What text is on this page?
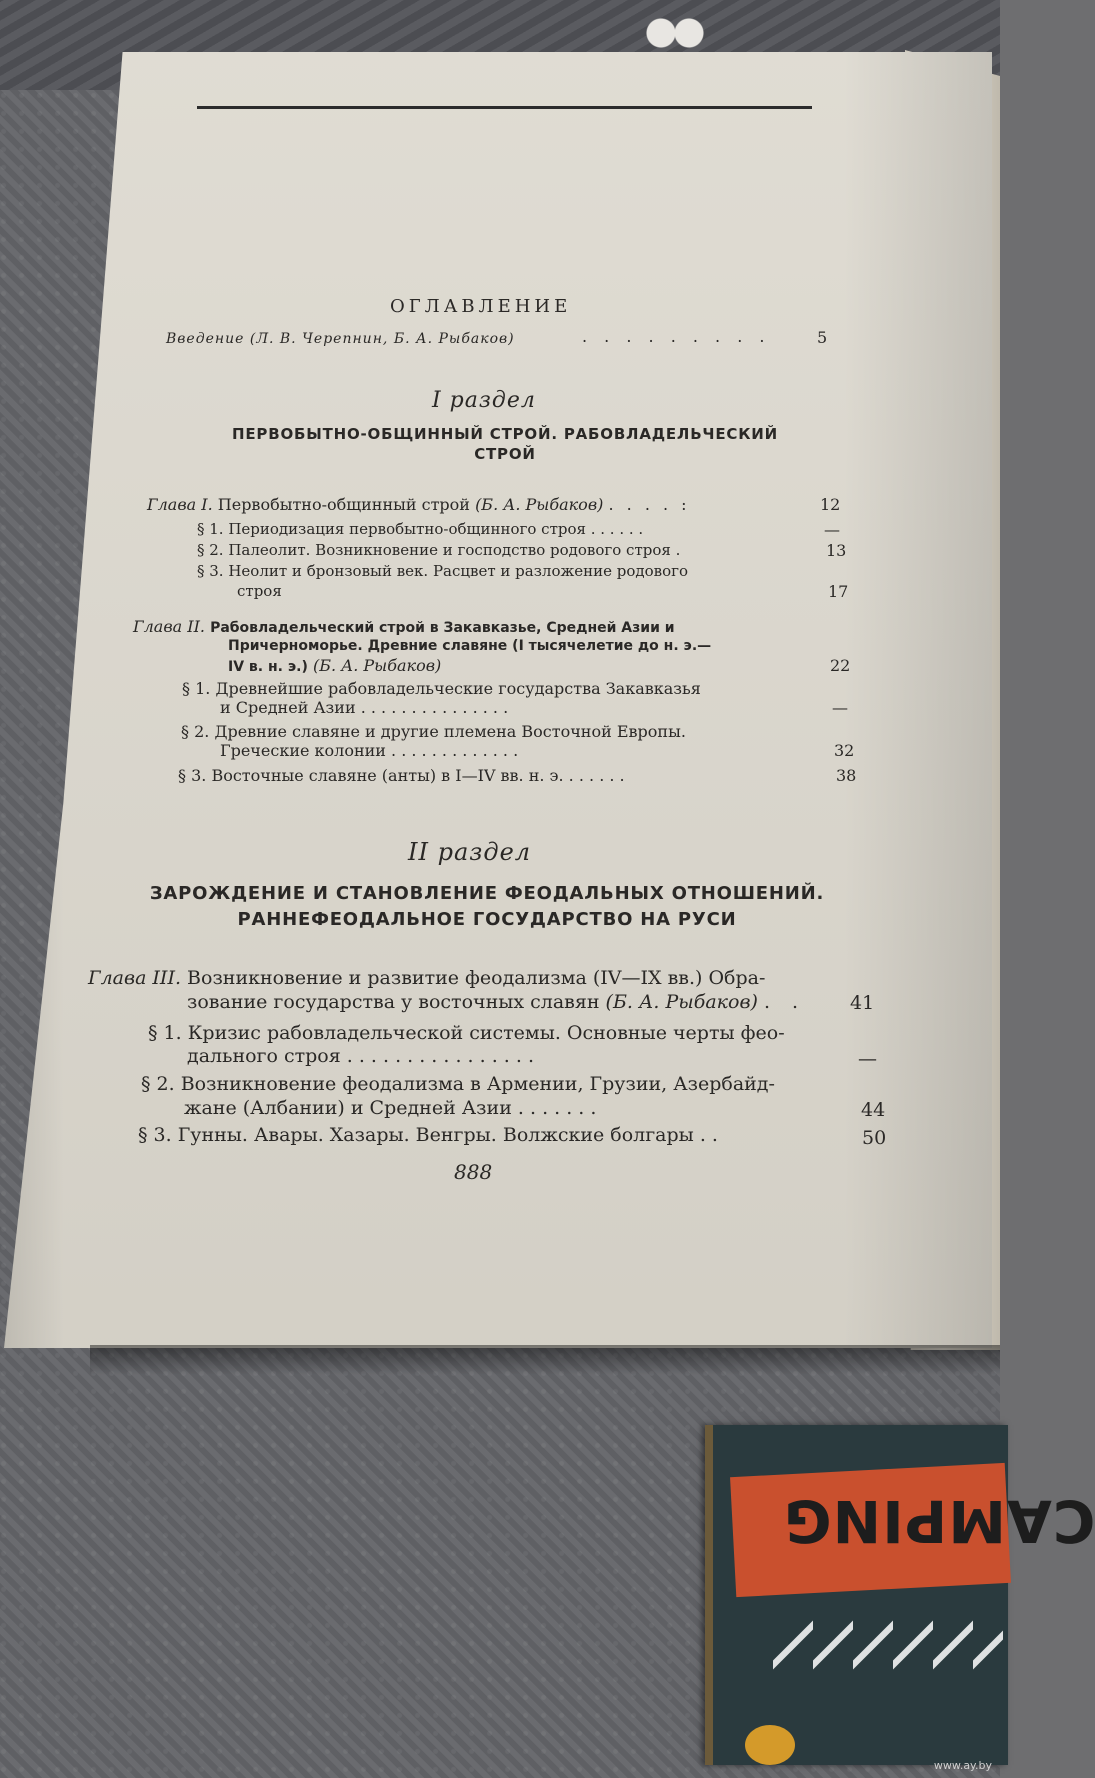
ОГЛАВЛЕНИЕ
Введение (Л. В. Черепнин, Б. А. Рыбаков)	. . . . . . . . .	5
I раздел
ПЕРВОБЫТНО-ОБЩИННЫЙ СТРОЙ. РАБОВЛАДЕЛЬЧЕСКИЙ
СТРОЙ
Глава I. Первобытно-общинный строй (Б. А. Рыбаков) . . . . :	12
§ 1. Периодизация первобытно-общинного строя . . . . . .	—
§ 2. Палеолит. Возникновение и господство родового строя .	13
§ 3. Неолит и бронзовый век. Расцвет и разложение родового
строя	17
Глава II. Рабовладельческий строй в Закавказье, Средней Азии и
Причерноморье. Древние славяне (I тысячелетие до н. э.—
IV в. н. э.) (Б. А. Рыбаков)	22
§ 1. Древнейшие рабовладельческие государства Закавказья
и Средней Азии . . . . . . . . . . . . . . .	—
§ 2. Древние славяне и другие племена Восточной Европы.
Греческие колонии . . . . . . . . . . . . .	32
§ 3. Восточные славяне (анты) в I—IV вв. н. э. . . . . . .	38
II раздел
ЗАРОЖДЕНИЕ И СТАНОВЛЕНИЕ ФЕОДАЛЬНЫХ ОТНОШЕНИЙ.
РАННЕФЕОДАЛЬНОЕ ГОСУДАРСТВО НА РУСИ
Глава III. Возникновение и развитие феодализма (IV—IX вв.) Обра-
зование государства у восточных славян (Б. А. Рыбаков) . . 41
§ 1. Кризис рабовладельческой системы. Основные черты фео-
дального строя . . . . . . . . . . . . . . . .	—
§ 2. Возникновение феодализма в Армении, Грузии, Азербайд-
жане (Албании) и Средней Азии . . . . . . .	44
§ 3. Гунны. Авары. Хазары. Венгры. Волжские болгары . .	50
888
CAMPING
www.ay.by
